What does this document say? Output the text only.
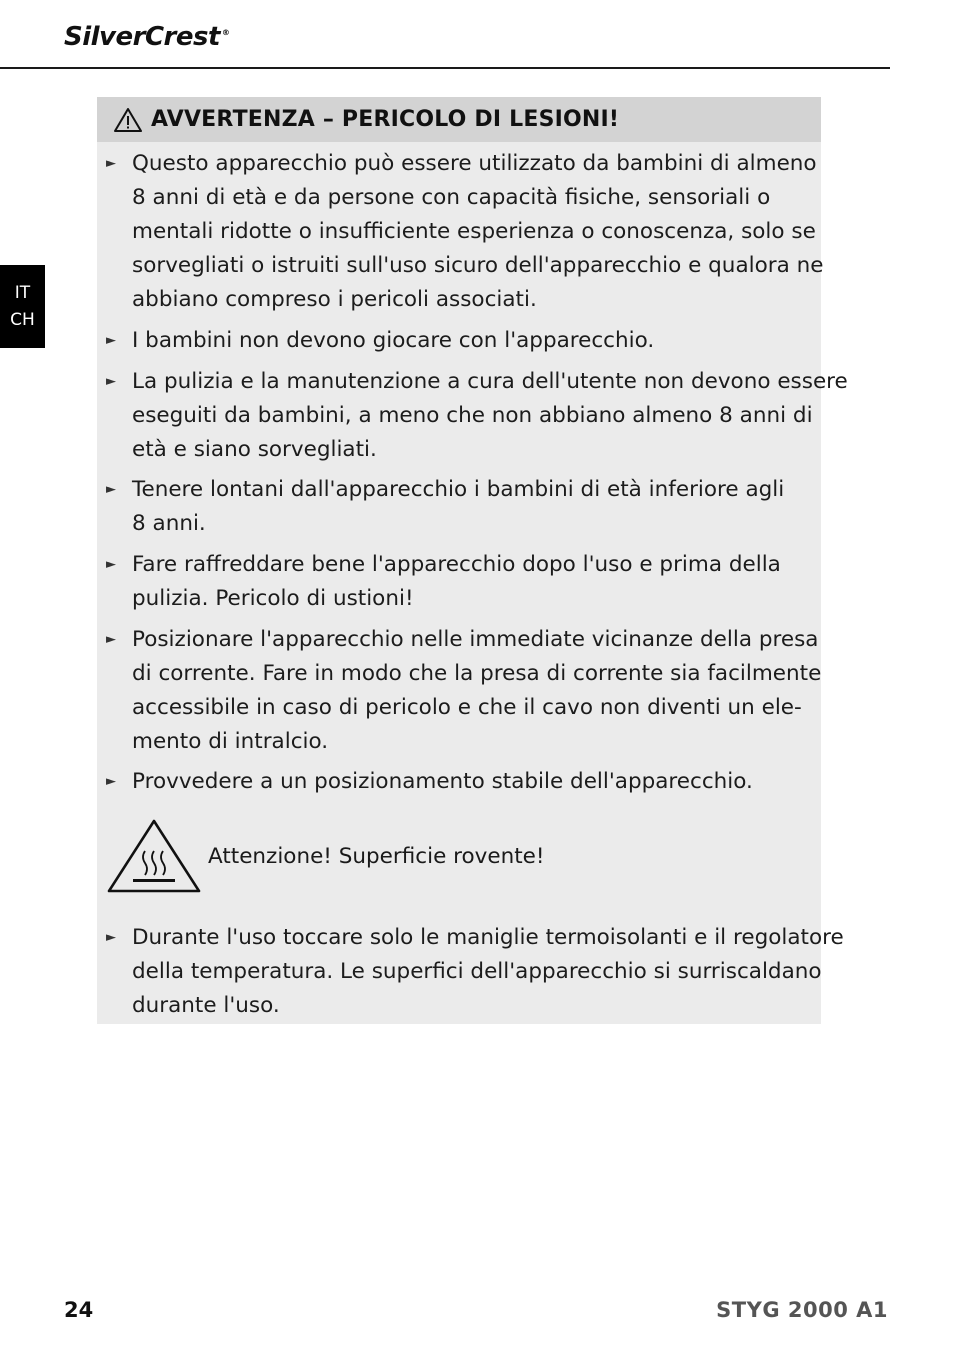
SilverCrest ®
IT
CH
AVVERTENZA – PERICOLO DI LESIONI!
► Questo apparecchio può essere utilizzato da bambini di almeno
8 anni di età e da persone con capacità fisiche, sensoriali o
mentali ridotte o insufficiente esperienza o conoscenza, solo se
sorvegliati o istruiti sull'uso sicuro dell'apparecchio e qualora ne
abbiano compreso i pericoli associati.
► I bambini non devono giocare con l'apparecchio.
► La pulizia e la manutenzione a cura dell'utente non devono essere
eseguiti da bambini, a meno che non abbiano almeno 8 anni di
età e siano sorvegliati.
► Tenere lontani dall'apparecchio i bambini di età inferiore agli
8 anni.
► Fare raffreddare bene l'apparecchio dopo l'uso e prima della
pulizia. Pericolo di ustioni!
► Posizionare l'apparecchio nelle immediate vicinanze della presa
di corrente. Fare in modo che la presa di corrente sia facilmente
accessibile in caso di pericolo e che il cavo non diventi un ele-
mento di intralcio.
► Provvedere a un posizionamento stabile dell'apparecchio.
Attenzione! Superficie rovente!
► Durante l'uso toccare solo le maniglie termoisolanti e il regolatore
della temperatura. Le superfici dell'apparecchio si surriscaldano
durante l'uso.
24	STYG 2000 A1
